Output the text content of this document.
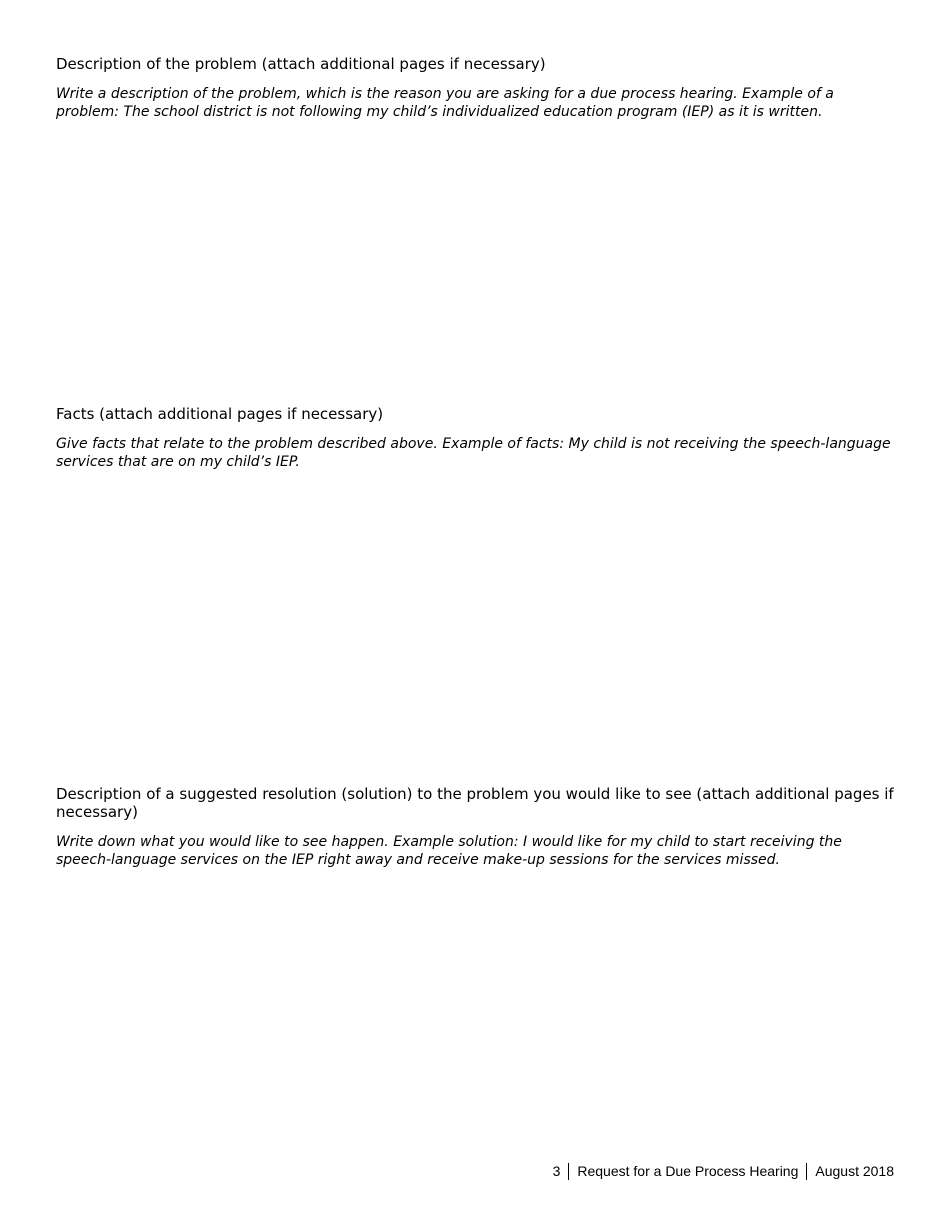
Description of the problem (attach additional pages if necessary)

Write a description of the problem, which is the reason you are asking for a due process hearing. Example of a problem: The school district is not following my child’s individualized education program (IEP) as it is written.

Facts (attach additional pages if necessary)

Give facts that relate to the problem described above. Example of facts: My child is not receiving the speech-language services that are on my child’s IEP.

Description of a suggested resolution (solution) to the problem you would like to see (attach additional pages if necessary)

Write down what you would like to see happen. Example solution: I would like for my child to start receiving the speech-language services on the IEP right away and receive make-up sessions for the services missed.

3 Request for a Due Process Hearing August 2018
